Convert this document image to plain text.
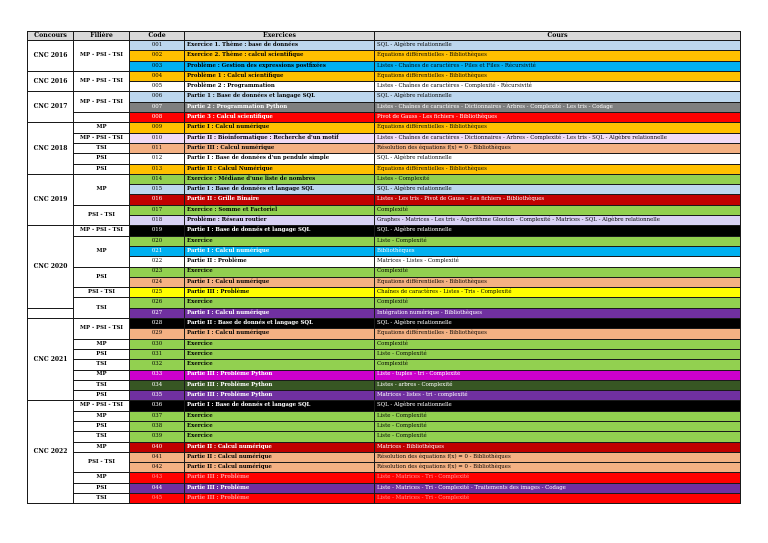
Concours	Filière	Code	Exercices	Cours
CNC 2016	MP - PSI - TSI	001	Exercice 1. Thème : base de données	SQL - Algèbre relationnelle
		002	Exercice 2. Thème : calcul scientifique	Équations différentielles - Bibliothèques
		003	Problème : Gestion des expressions postfixées	Listes - Chaînes de caractères - Piles et Files - Récursivité
CNC 2016	MP - PSI - TSI	004	Problème 1 : Calcul scientifique	Équations différentielles - Bibliothèques
		005	Problème 2 : Programmation	Listes - Chaînes de caractères - Complexité - Récursivité
CNC 2017	MP - PSI - TSI	006	Partie 1 : Base de données et langage SQL	SQL - Algèbre relationnelle
		007	Partie 2 : Programmation Python	Listes - Chaînes de caractères - Dictionnaires - Arbres - Complexité - Les tris - Codage
		008	Partie 3 : Calcul scientifique	Pivot de Gauss - Les fichiers - Bibliothèques
CNC 2018	MP	009	Partie I : Calcul numérique	Équations différentielles - Bibliothèques
	MP - PSI - TSI	010	Partie II : Bioinformatique : Recherche d'un motif	Listes - Chaînes de caractères - Dictionnaires - Arbres - Complexité - Les tris - SQL - Algèbre relationnelle
	TSI	011	Partie III : Calcul numérique	Résolution des équations f(x) = 0 - Bibliothèques
	PSI	012	Partie I : Base de données d'un pendule simple	SQL - Algèbre relationnelle
	PSI	013	Partie II : Calcul Numérique	Équations différentielles - Bibliothèques
CNC 2019	MP	014	Exercice : Médiane d'une liste de nombres	Listes - Complexité
		015	Partie I : Base de données et langage SQL	SQL - Algèbre relationnelle
		016	Partie II : Grille Binaire	Listes - Les tris - Pivot de Gauss - Les fichiers - Bibliothèques
	PSI - TSI	017	Exercice : Somme et Factoriel	Complexité
		018	Problème : Réseau routier	Graphes - Matrices - Les tris - Algorithme Glouton - Complexité - Matrices - SQL - Algèbre relationnelle
CNC 2020	MP - PSI - TSI	019	Partie I : Base de donnés et langage SQL	SQL - Algèbre relationnelle
	MP	020	Exercice	Liste - Complexité
		021	Partie I : Calcul numérique	Bibliothèques
		022	Partie II : Problème	Matrices - Listes - Complexité
	PSI	023	Exercice	Complexité
		024	Partie I : Calcul numérique	Équations différentielles - Bibliothèques
	PSI - TSI	025	Partie III : Problème	Chaînes de caractères - Listes - Tris - Complexité
	TSI	026	Exercice	Complexité
		027	Partie I : Calcul numérique	Intégration numérique - Bibliothèques
CNC 2021	MP - PSI - TSI	028	Partie II : Base de donnés et langage SQL	SQL - Algèbre relationnelle
		029	Partie I : Calcul numérique	Équations différentielles - Bibliothèques
	MP	030	Exercice	Complexité
	PSI	031	Exercice	Liste - Complexité
	TSI	032	Exercice	Complexité
	MP	033	Partie III : Problème Python	Liste - tuples - tri - Complexité
	TSI	034	Partie III : Problème Python	Listes - arbres - Complexité
	PSI	035	Partie III : Problème Python	Matrices - listes - tri - complexité
CNC 2022	MP - PSI - TSI	036	Partie I : Base de donnés et langage SQL	SQL - Algèbre relationnelle
	MP	037	Exercice	Liste - Complexité
	PSI	038	Exercice	Liste - Complexité
	TSI	039	Exercice	Liste - Complexité
	MP	040	Partie II : Calcul numérique	Matrices - Bibliothèques
	PSI - TSI	041	Partie II : Calcul numérique	Résolution des équations f(x) = 0 - Bibliothèques
		042	Partie II : Calcul numérique	Résolution des équations f(x) = 0 - Bibliothèques
	MP	043	Partie III : Problème	Liste - Matrices - Tri - Complexité
	PSI	044	Partie III : Problème	Liste - Matrices - Tri - Complexité - Traitements des images - Codage
	TSI	045	Partie III : Problème	Liste - Matrices - Tri - Complexité
